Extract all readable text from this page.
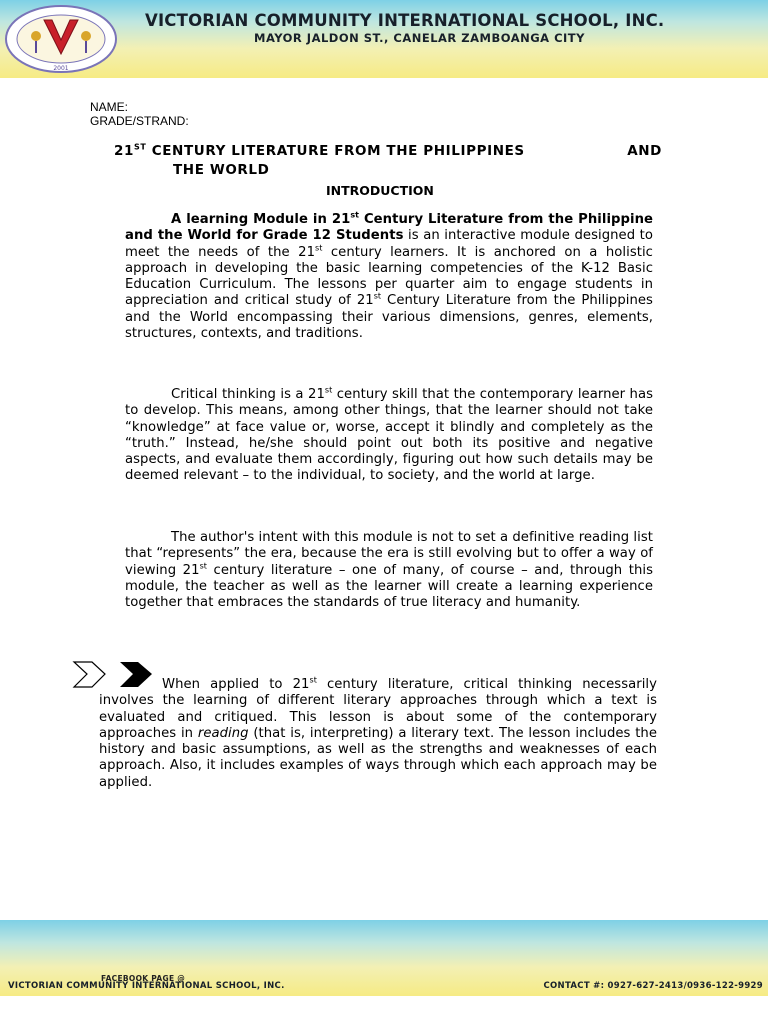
2001
VICTORIAN COMMUNITY INTERNATIONAL SCHOOL, INC.
MAYOR JALDON ST., CANELAR ZAMBOANGA CITY
NAME:
GRADE/STRAND:
21ST CENTURY LITERATURE FROM THE PHILIPPINES	AND
THE WORLD
INTRODUCTION
A learning Module in 21st Century Literature from the Philippine and the World for Grade 12 Students is an interactive module designed to meet the needs of the 21st century learners. It is anchored on a holistic approach in developing the basic learning competencies of the K-12 Basic Education Curriculum. The lessons per quarter aim to engage students in appreciation and critical study of 21st Century Literature from the Philippines and the World encompassing their various dimensions, genres, elements, structures, contexts, and traditions.
Critical thinking is a 21st century skill that the contemporary learner has to develop. This means, among other things, that the learner should not take “knowledge” at face value or, worse, accept it blindly and completely as the “truth.” Instead, he/she should point out both its positive and negative aspects, and evaluate them accordingly, figuring out how such details may be deemed relevant – to the individual, to society, and the world at large.
The author's intent with this module is not to set a definitive reading list that “represents” the era, because the era is still evolving but to offer a way of viewing 21st century literature – one of many, of course – and, through this module, the teacher as well as the learner will create a learning experience together that embraces the standards of true literacy and humanity.
When applied to 21st century literature, critical thinking necessarily involves the learning of different literary approaches through which a text is evaluated and critiqued. This lesson is about some of the contemporary approaches in reading (that is, interpreting) a literary text. The lesson includes the history and basic assumptions, as well as the strengths and weaknesses of each approach. Also, it includes examples of ways through which each approach may be applied.
FACEBOOK PAGE @
VICTORIAN COMMUNITY INTERNATIONAL SCHOOL, INC.	CONTACT #: 0927-627-2413/0936-122-9929
